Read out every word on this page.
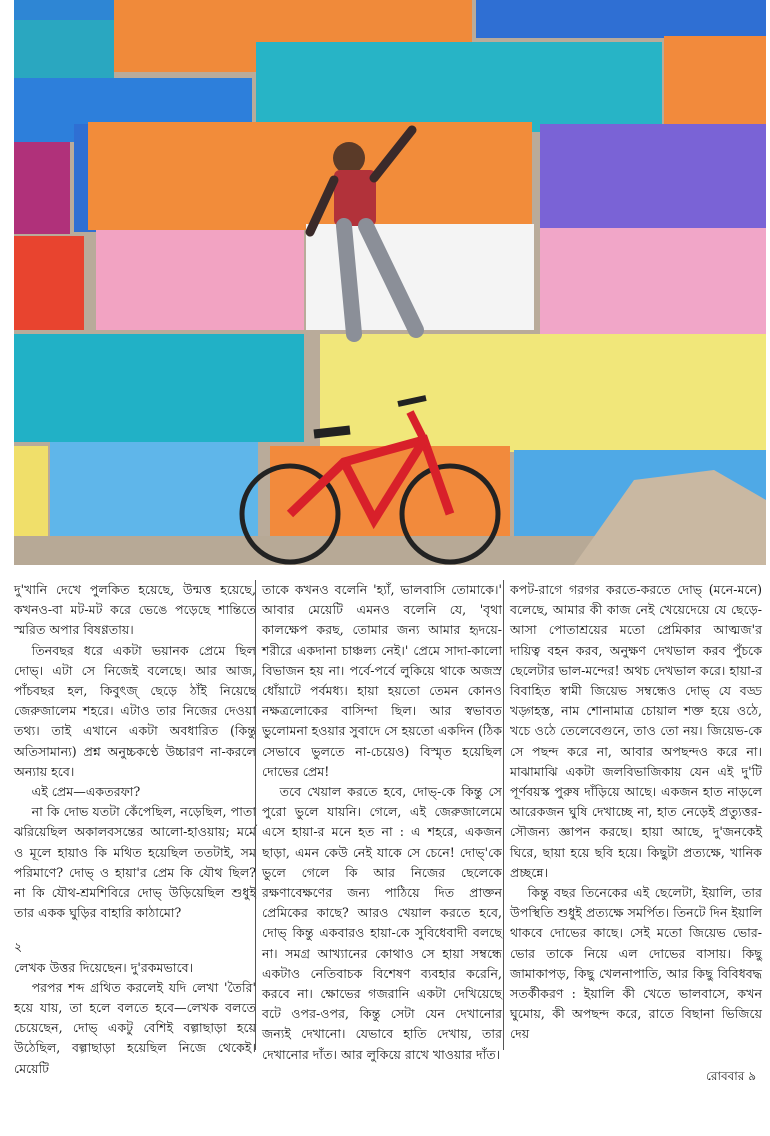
দু'খানি দেখে পুলকিত হয়েছে, উন্মত্ত হয়েছে, কখনও-বা মট-মট করে ভেঙে পড়েছে শান্তিতে স্মরিত অপার বিষণ্ণতায়।

তিনবছর ধরে একটা ভয়ানক প্রেমে ছিল দোভ্‌। এটা সে নিজেই বলেছে। আর আজ, পাঁচবছর হল, কিবুৎজ্‌ ছেড়ে ঠাঁই নিয়েছে জেরুজালেম শহরে। এটাও তার নিজের দেওয়া তথ্য। তাই এখানে একটা অবধারিত (কিন্তু অতিসামান্য) প্রশ্ন অনুচ্চকণ্ঠে উচ্চারণ না-করলে অন্যায় হবে।

এই প্রেম—একতরফা?

না কি দোভ যতটা কেঁপেছিল, নড়েছিল, পাতা ঝরিয়েছিল অকালবসন্তের আলো-হাওয়ায়; মর্মে ও মূলে হায়াও কি মথিত হয়েছিল ততটাই, সম পরিমাণে? দোভ্‌ ও হায়া'র প্রেম কি যৌথ ছিল? না কি যৌথ-শ্রমশিবিরে দোভ্‌ উড়িয়েছিল শুধুই তার একক ঘুড়ির বাহারি কাঠামো?

২

লেখক উত্তর দিয়েছেন। দু'রকমভাবে।

পরপর শব্দ গ্রথিত করলেই যদি লেখা 'তৈরি' হয়ে যায়, তা হলে বলতে হবে—লেখক বলতে চেয়েছেন, দোভ্‌ একটু বেশিই বল্গাছাড়া হয়ে উঠেছিল, বল্গাছাড়া হয়েছিল নিজে থেকেই। মেয়েটি

তাকে কখনও বলেনি 'হ্যাঁ, ভালবাসি তোমাকে।' আবার মেয়েটি এমনও বলেনি যে, 'বৃথা কালক্ষেপ করছ, তোমার জন্য আমার হৃদয়ে-শরীরে একদানা চাঞ্চল্য নেই।' প্রেমে সাদা-কালো বিভাজন হয় না। পর্বে-পর্বে লুকিয়ে থাকে অজস্র ধোঁয়াটে পর্বমধ্য। হায়া হয়তো তেমন কোনও নক্ষত্রলোকের বাসিন্দা ছিল। আর স্বভাবত ভুলোমনা হওয়ার সুবাদে সে হয়তো একদিন (ঠিক সেভাবে ভুলতে না-চেয়েও) বিস্মৃত হয়েছিল দোভের প্রেম!

তবে খেয়াল করতে হবে, দোভ্‌-কে কিন্তু সে পুরো ভুলে যায়নি। গেলে, এই জেরুজালেমে এসে হায়া-র মনে হত না : এ শহরে, একজন ছাড়া, এমন কেউ নেই যাকে সে চেনে! দোভ্‌'কে ভুলে গেলে কি আর নিজের ছেলেকে রক্ষণাবেক্ষণের জন্য পাঠিয়ে দিত প্রাক্তন প্রেমিকের কাছে? আরও খেয়াল করতে হবে, দোভ্‌ কিন্তু একবারও হায়া-কে সুবিধেবাদী বলছে না। সমগ্র আখ্যানের কোথাও সে হায়া সম্বন্ধে একটাও নেতিবাচক বিশেষণ ব্যবহার করেনি, করবে না। ক্ষোভের গজরানি একটা দেখিয়েছে বটে ওপর-ওপর, কিন্তু সেটা যেন দেখানোর জন্যই দেখানো। যেভাবে হাতি দেখায়, তার দেখানোর দাঁত। আর লুকিয়ে রাখে খাওয়ার দাঁত।

কপট-রাগে গরগর করতে-করতে দোভ্‌ (মনে-মনে) বলেছে, আমার কী কাজ নেই খেয়েদেয়ে যে ছেড়ে-আসা পোতাশ্রয়ের মতো প্রেমিকার আত্মজ'র দায়িত্ব বহন করব, অনুক্ষণ দেখভাল করব পুঁচকে ছেলেটার ভাল-মন্দের! অথচ দেখভাল করে। হায়া-র বিবাহিত স্বামী জিয়েভ সম্বন্ধেও দোভ্‌ যে বড্ড খড়্গহস্ত, নাম শোনামাত্র চোয়াল শক্ত হয়ে ওঠে, খচে ওঠে তেলেবেগুনে, তাও তো নয়। জিয়েভ-কে সে পছন্দ করে না, আবার অপছন্দও করে না। মাঝামাঝি একটা জলবিভাজিকায় যেন এই দু'টি পূর্ণবয়স্ক পুরুষ দাঁড়িয়ে আছে। একজন হাত নাড়লে আরেকজন ঘুষি দেখাচ্ছে না, হাত নেড়েই প্রত্যুত্তর-সৌজন্য জ্ঞাপন করছে। হায়া আছে, দু'জনকেই ঘিরে, ছায়া হয়ে ছবি হয়ে। কিছুটা প্রত্যক্ষে, খানিক প্রচ্ছন্নে।

কিন্তু বছর তিনেকের এই ছেলেটা, ইয়ালি, তার উপস্থিতি শুধুই প্রত্যক্ষে সমর্পিত। তিনটে দিন ইয়ালি থাকবে দোভের কাছে। সেই মতো জিয়েভ ভোর-ভোর তাকে নিয়ে এল দোভের বাসায়। কিছু জামাকাপড়, কিছু খেলনাপাতি, আর কিছু বিবিধবদ্ধ সতর্কীকরণ : ইয়ালি কী খেতে ভালবাসে, কখন ঘুমোয়, কী অপছন্দ করে, রাতে বিছানা ভিজিয়ে দেয়

রোববার ৯
